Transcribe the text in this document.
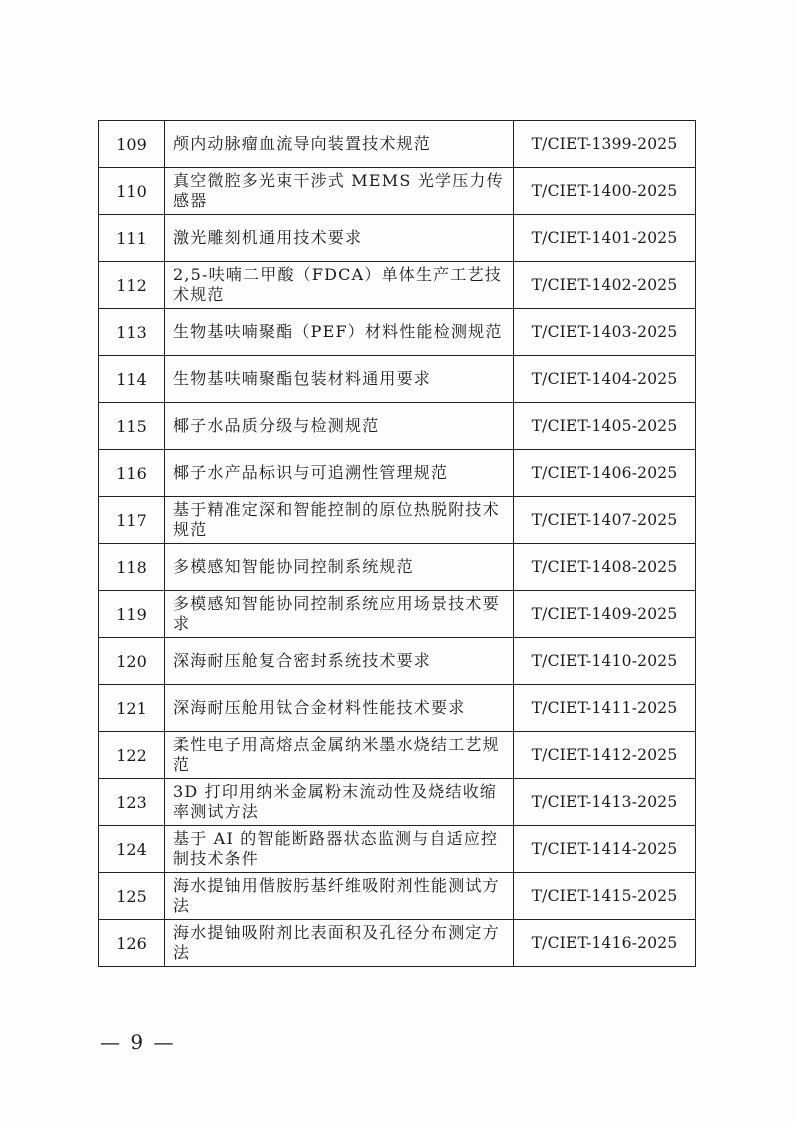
109	颅内动脉瘤血流导向装置技术规范	T/CIET-1399-2025
110	真空微腔多光束干涉式 MEMS 光学压力传感器	T/CIET-1400-2025
111	激光雕刻机通用技术要求	T/CIET-1401-2025
112	2,5-呋喃二甲酸（FDCA）单体生产工艺技术规范	T/CIET-1402-2025
113	生物基呋喃聚酯（PEF）材料性能检测规范	T/CIET-1403-2025
114	生物基呋喃聚酯包装材料通用要求	T/CIET-1404-2025
115	椰子水品质分级与检测规范	T/CIET-1405-2025
116	椰子水产品标识与可追溯性管理规范	T/CIET-1406-2025
117	基于精准定深和智能控制的原位热脱附技术规范	T/CIET-1407-2025
118	多模感知智能协同控制系统规范	T/CIET-1408-2025
119	多模感知智能协同控制系统应用场景技术要求	T/CIET-1409-2025
120	深海耐压舱复合密封系统技术要求	T/CIET-1410-2025
121	深海耐压舱用钛合金材料性能技术要求	T/CIET-1411-2025
122	柔性电子用高熔点金属纳米墨水烧结工艺规范	T/CIET-1412-2025
123	3D 打印用纳米金属粉末流动性及烧结收缩率测试方法	T/CIET-1413-2025
124	基于 AI 的智能断路器状态监测与自适应控制技术条件	T/CIET-1414-2025
125	海水提铀用偕胺肟基纤维吸附剂性能测试方法	T/CIET-1415-2025
126	海水提铀吸附剂比表面积及孔径分布测定方法	T/CIET-1416-2025
— 9 —
